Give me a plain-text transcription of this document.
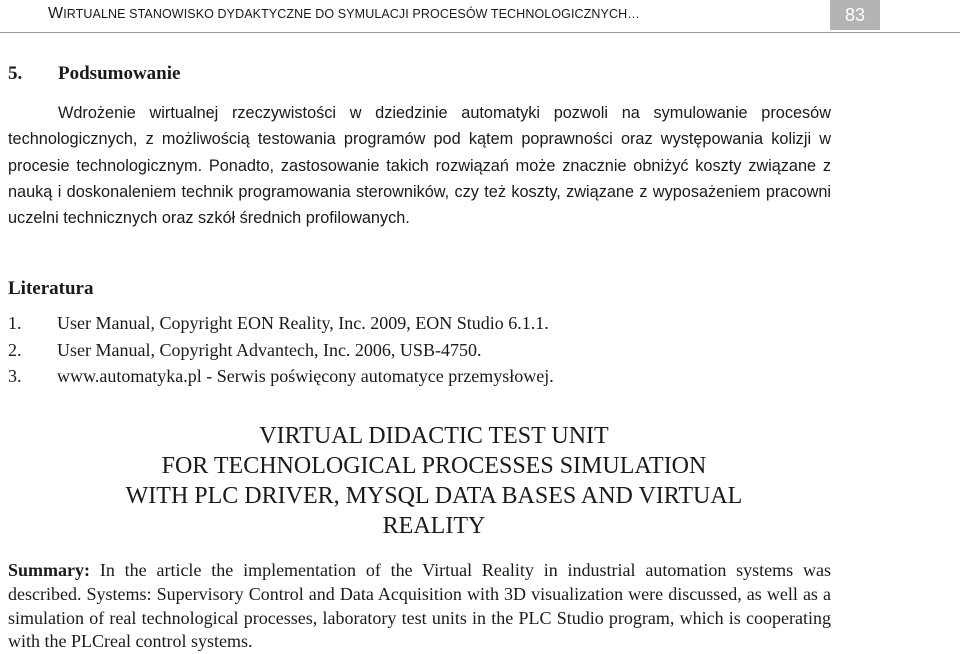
WIRTUALNE STANOWISKO DYDAKTYCZNE DO SYMULACJI PROCESÓW TECHNOLOGICZNYCH…	83
5. Podsumowanie

Wdrożenie wirtualnej rzeczywistości w dziedzinie automatyki pozwoli na symulowanie procesów technologicznych, z możliwością testowania programów pod kątem poprawności oraz występowania kolizji w procesie technologicznym. Ponadto, zastosowanie takich rozwiązań może znacznie obniżyć koszty związane z nauką i doskonaleniem technik programowania sterowników, czy też koszty, związane z wyposażeniem pracowni uczelni technicznych oraz szkół średnich profilowanych.

Literatura
1. User Manual, Copyright EON Reality, Inc. 2009, EON Studio 6.1.1.
2. User Manual, Copyright Advantech, Inc. 2006, USB-4750.
3. www.automatyka.pl - Serwis poświęcony automatyce przemysłowej.
VIRTUAL DIDACTIC TEST UNIT
FOR TECHNOLOGICAL PROCESSES SIMULATION
WITH PLC DRIVER, MYSQL DATA BASES AND VIRTUAL
REALITY

Summary: In the article the implementation of the Virtual Reality in industrial automation systems was described. Systems: Supervisory Control and Data Acquisition with 3D visualization were discussed, as well as a simulation of real technological processes, laboratory test units in the PLC Studio program, which is cooperating with the PLCreal control systems.
